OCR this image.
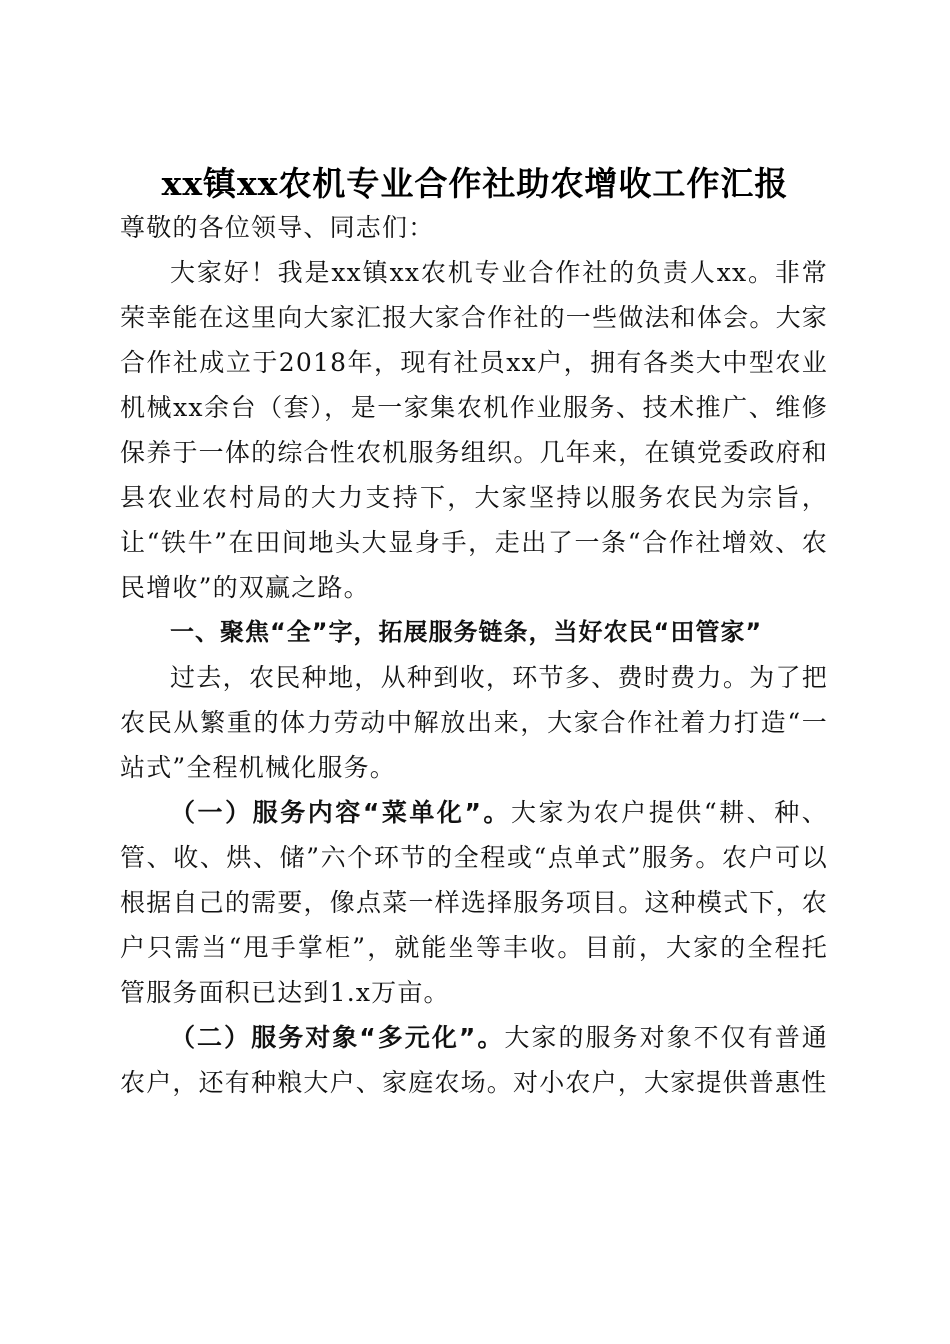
xx镇xx农机专业合作社助农增收工作汇报

尊敬的各位领导、同志们：

大家好！我是xx镇xx农机专业合作社的负责人xx。非常荣幸能在这里向大家汇报大家合作社的一些做法和体会。大家合作社成立于2018年，现有社员xx户，拥有各类大中型农业机械xx余台（套），是一家集农机作业服务、技术推广、维修保养于一体的综合性农机服务组织。几年来，在镇党委政府和县农业农村局的大力支持下，大家坚持以服务农民为宗旨，让“铁牛”在田间地头大显身手，走出了一条“合作社增效、农民增收”的双赢之路。

一、聚焦“全”字，拓展服务链条，当好农民“田管家”

过去，农民种地，从种到收，环节多、费时费力。为了把农民从繁重的体力劳动中解放出来，大家合作社着力打造“一站式”全程机械化服务。

（一）服务内容“菜单化”。大家为农户提供“耕、种、管、收、烘、储”六个环节的全程或“点单式”服务。农户可以根据自己的需要，像点菜一样选择服务项目。这种模式下，农户只需当“甩手掌柜”，就能坐等丰收。目前，大家的全程托管服务面积已达到1.x万亩。

（二）服务对象“多元化”。大家的服务对象不仅有普通农户，还有种粮大户、家庭农场。对小农户，大家提供普惠性
